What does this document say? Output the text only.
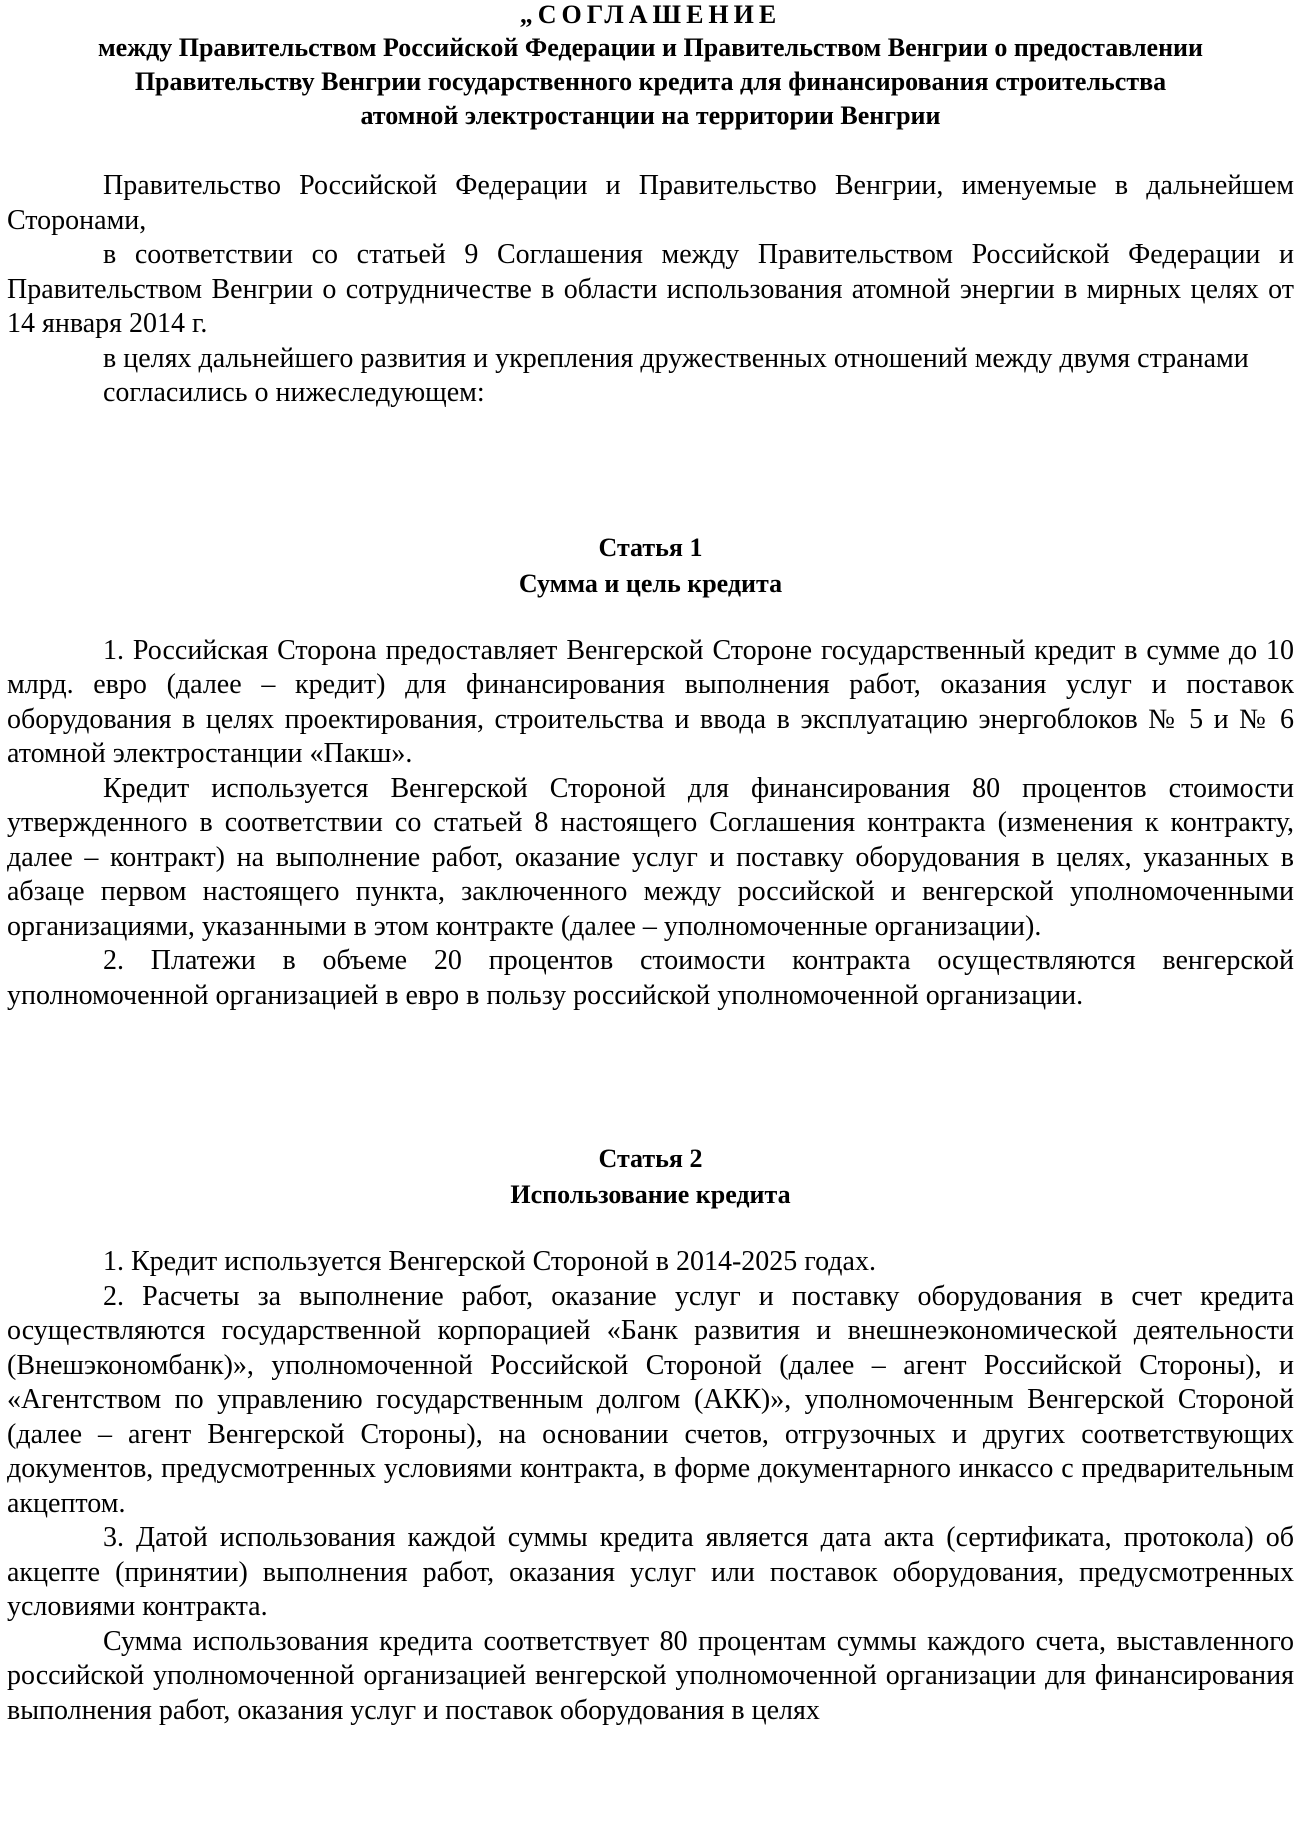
„СОГЛАШЕНИЕ

между Правительством Российской Федерации и Правительством Венгрии о предоставлении

Правительству Венгрии государственного кредита для финансирования строительства

атомной электростанции на территории Венгрии

Правительство Российской Федерации и Правительство Венгрии, именуемые в дальнейшем Сторонами,

в соответствии со статьей 9 Соглашения между Правительством Российской Федерации и Правительством Венгрии о сотрудничестве в области использования атомной энергии в мирных целях от 14 января 2014 г.

в целях дальнейшего развития и укрепления дружественных отношений между двумя странами

согласились о нижеследующем:

Статья 1

Сумма и цель кредита

1. Российская Сторона предоставляет Венгерской Стороне государственный кредит в сумме до 10 млрд. евро (далее – кредит) для финансирования выполнения работ, оказания услуг и поставок оборудования в целях проектирования, строительства и ввода в эксплуатацию энергоблоков № 5 и № 6 атомной электростанции «Пакш».

Кредит используется Венгерской Стороной для финансирования 80 процентов стоимости утвержденного в соответствии со статьей 8 настоящего Соглашения контракта (изменения к контракту, далее – контракт) на выполнение работ, оказание услуг и поставку оборудования в целях, указанных в абзаце первом настоящего пункта, заключенного между российской и венгерской уполномоченными организациями, указанными в этом контракте (далее – уполномоченные организации).

2. Платежи в объеме 20 процентов стоимости контракта осуществляются венгерской уполномоченной организацией в евро в пользу российской уполномоченной организации.

Статья 2

Использование кредита

1. Кредит используется Венгерской Стороной в 2014-2025 годах.

2. Расчеты за выполнение работ, оказание услуг и поставку оборудования в счет кредита осуществляются государственной корпорацией «Банк развития и внешнеэкономической деятельности (Внешэкономбанк)», уполномоченной Российской Стороной (далее – агент Российской Стороны), и «Агентством по управлению государственным долгом (АКК)», уполномоченным Венгерской Стороной (далее – агент Венгерской Стороны), на основании счетов, отгрузочных и других соответствующих документов, предусмотренных условиями контракта, в форме документарного инкассо с предварительным акцептом.

3. Датой использования каждой суммы кредита является дата акта (сертификата, протокола) об акцепте (принятии) выполнения работ, оказания услуг или поставок оборудования, предусмотренных условиями контракта.

Сумма использования кредита соответствует 80 процентам суммы каждого счета, выставленного российской уполномоченной организацией венгерской уполномоченной организации для финансирования выполнения работ, оказания услуг и поставок оборудования в целях
